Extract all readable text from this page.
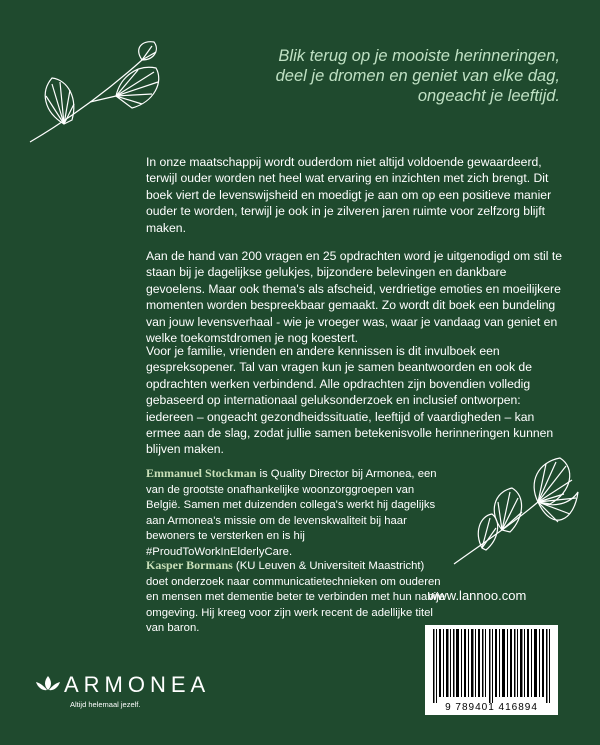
Blik terug op je mooiste herinneringen,
deel je dromen en geniet van elke dag,
ongeacht je leeftijd.
In onze maatschappij wordt ouderdom niet altijd voldoende gewaardeerd, terwijl ouder worden net heel wat ervaring en inzichten met zich brengt. Dit boek viert de levenswijsheid en moedigt je aan om op een positieve manier ouder te worden, terwijl je ook in je zilveren jaren ruimte voor zelfzorg blijft maken.
Aan de hand van 200 vragen en 25 opdrachten word je uitgenodigd om stil te staan bij je dagelijkse gelukjes, bijzondere belevingen en dankbare gevoelens. Maar ook thema's als afscheid, verdrietige emoties en moeilijkere momenten worden bespreekbaar gemaakt. Zo wordt dit boek een bundeling van jouw levensverhaal - wie je vroeger was, waar je vandaag van geniet en welke toekomstdromen je nog koestert.
Voor je familie, vrienden en andere kennissen is dit invulboek een gespreksopener. Tal van vragen kun je samen beantwoorden en ook de opdrachten werken verbindend. Alle opdrachten zijn bovendien volledig gebaseerd op internationaal geluksonderzoek en inclusief ontworpen: iedereen – ongeacht gezondheidssituatie, leeftijd of vaardigheden – kan ermee aan de slag, zodat jullie samen betekenisvolle herinneringen kunnen blijven maken.
Emmanuel Stockman is Quality Director bij Armonea, een van de grootste onafhankelijke woonzorggroepen van België. Samen met duizenden collega's werkt hij dagelijks aan Armonea's missie om de levenskwaliteit bij haar bewoners te versterken en is hij #ProudToWorkInElderlyCare.
Kasper Bormans (KU Leuven & Universiteit Maastricht) doet onderzoek naar communicatietechnieken om ouderen en mensen met dementie beter te verbinden met hun nabije omgeving. Hij kreeg voor zijn werk recent de adellijke titel van baron.
www.lannoo.com
9 789401 416894
ARMONEA
Altijd helemaal jezelf.
